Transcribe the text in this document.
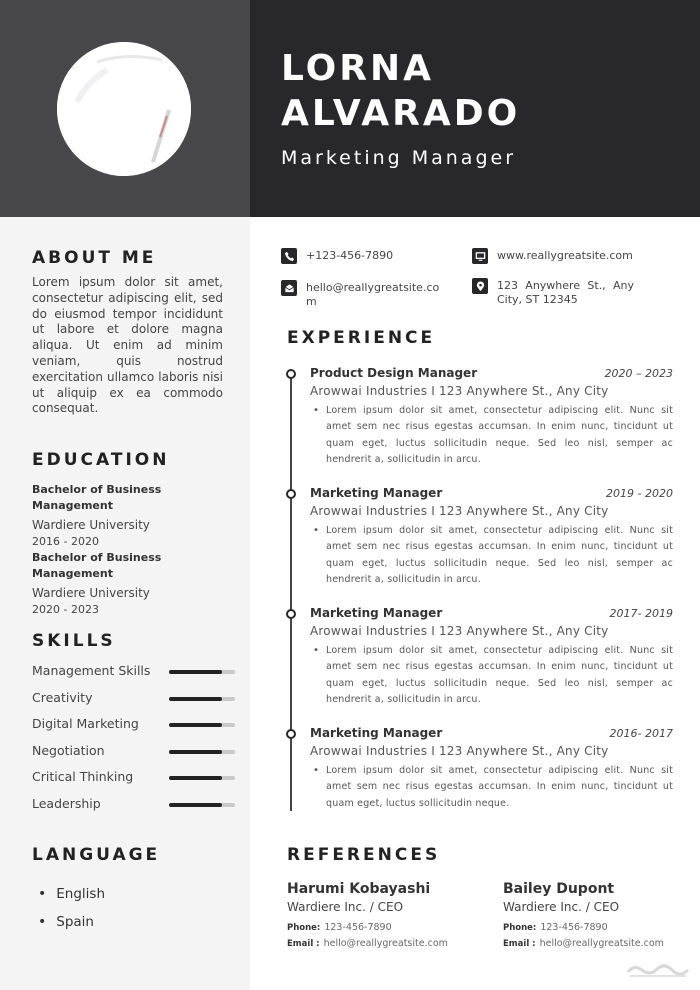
LORNA
ALVARADO
Marketing Manager
ABOUT ME
Lorem ipsum dolor sit amet, consectetur adipiscing elit, sed do eiusmod tempor incididunt ut labore et dolore magna aliqua. Ut enim ad minim veniam, quis nostrud exercitation ullamco laboris nisi ut aliquip ex ea commodo consequat.
EDUCATION
Bachelor of Business Management
Wardiere University
2016 - 2020
Bachelor of Business Management
Wardiere University
2020 - 2023
SKILLS
Management Skills
Creativity
Digital Marketing
Negotiation
Critical Thinking
Leadership
LANGUAGE
• English
• Spain
+123-456-7890	www.reallygreatsite.com
hello@reallygreatsite.co
m
123 Anywhere St., Any City, ST 12345
EXPERIENCE
Product Design Manager	2020 – 2023
Arowwai Industries I 123 Anywhere St., Any City
• Lorem ipsum dolor sit amet, consectetur adipiscing elit. Nunc sit amet sem nec risus egestas accumsan. In enim nunc, tincidunt ut quam eget, luctus sollicitudin neque. Sed leo nisl, semper ac hendrerit a, sollicitudin in arcu.
Marketing Manager	2019 - 2020
Arowwai Industries I 123 Anywhere St., Any City
• Lorem ipsum dolor sit amet, consectetur adipiscing elit. Nunc sit amet sem nec risus egestas accumsan. In enim nunc, tincidunt ut quam eget, luctus sollicitudin neque. Sed leo nisl, semper ac hendrerit a, sollicitudin in arcu.
Marketing Manager	2017- 2019
Arowwai Industries I 123 Anywhere St., Any City
• Lorem ipsum dolor sit amet, consectetur adipiscing elit. Nunc sit amet sem nec risus egestas accumsan. In enim nunc, tincidunt ut quam eget, luctus sollicitudin neque. Sed leo nisl, semper ac hendrerit a, sollicitudin in arcu.
Marketing Manager	2016- 2017
Arowwai Industries I 123 Anywhere St., Any City
• Lorem ipsum dolor sit amet, consectetur adipiscing elit. Nunc sit amet sem nec risus egestas accumsan. In enim nunc, tincidunt ut quam eget, luctus sollicitudin neque.
REFERENCES
Harumi Kobayashi
Wardiere Inc. / CEO
Phone: 123-456-7890
Email : hello@reallygreatsite.com
Bailey Dupont
Wardiere Inc. / CEO
Phone: 123-456-7890
Email : hello@reallygreatsite.com
